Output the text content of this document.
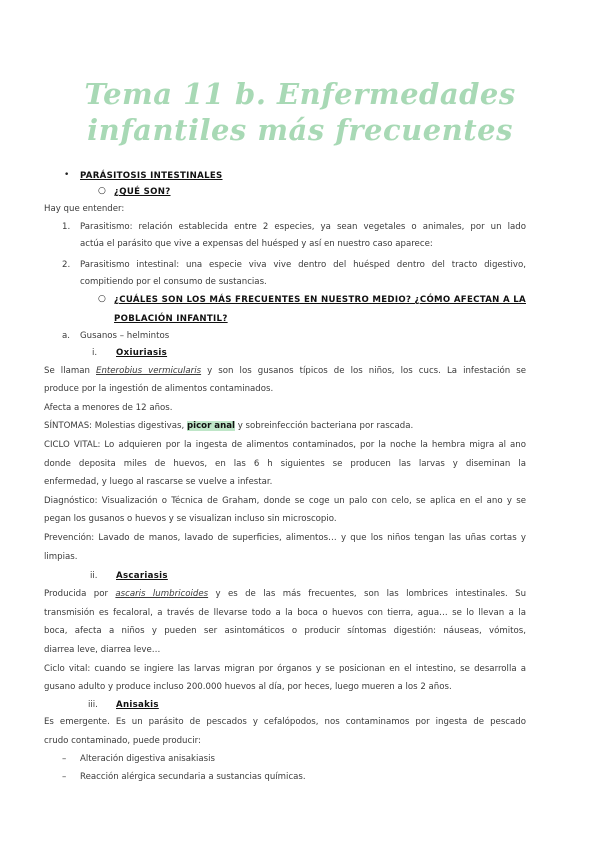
Tema 11 b. Enfermedades
infantiles más frecuentes
• PARÁSITOSIS INTESTINALES
○ ¿QUÉ SON?
Hay que entender:
1. Parasitismo: relación establecida entre 2 especies, ya sean vegetales o animales, por un lado
actúa el parásito que vive a expensas del huésped y así en nuestro caso aparece:
2. Parasitismo intestinal: una especie viva vive dentro del huésped dentro del tracto digestivo,
compitiendo por el consumo de sustancias.
○ ¿CUÁLES SON LOS MÁS FRECUENTES EN NUESTRO MEDIO? ¿CÓMO AFECTAN A LA
POBLACIÓN INFANTIL?
a. Gusanos – helmintos
i. Oxiuriasis
Se llaman Enterobius vermicularis y son los gusanos típicos de los niños, los cucs. La infestación se
produce por la ingestión de alimentos contaminados.
Afecta a menores de 12 años.
SÍNTOMAS: Molestias digestivas, picor anal y sobreinfección bacteriana por rascada.
CICLO VITAL: Lo adquieren por la ingesta de alimentos contaminados, por la noche la hembra migra al ano
donde deposita miles de huevos, en las 6 h siguientes se producen las larvas y diseminan la
enfermedad, y luego al rascarse se vuelve a infestar.
Diagnóstico: Visualización o Técnica de Graham, donde se coge un palo con celo, se aplica en el ano y se
pegan los gusanos o huevos y se visualizan incluso sin microscopio.
Prevención: Lavado de manos, lavado de superficies, alimentos… y que los niños tengan las uñas cortas y
limpias.
ii. Ascariasis
Producida por ascaris lumbricoides y es de las más frecuentes, son las lombrices intestinales. Su
transmisión es fecaloral, a través de llevarse todo a la boca o huevos con tierra, agua… se lo llevan a la
boca, afecta a niños y pueden ser asintomáticos o producir síntomas digestión: náuseas, vómitos,
diarrea leve, diarrea leve…
Ciclo vital: cuando se ingiere las larvas migran por órganos y se posicionan en el intestino, se desarrolla a
gusano adulto y produce incluso 200.000 huevos al día, por heces, luego mueren a los 2 años.
iii. Anisakis
Es emergente. Es un parásito de pescados y cefalópodos, nos contaminamos por ingesta de pescado
crudo contaminado, puede producir:
– Alteración digestiva anisakiasis
– Reacción alérgica secundaria a sustancias químicas.
